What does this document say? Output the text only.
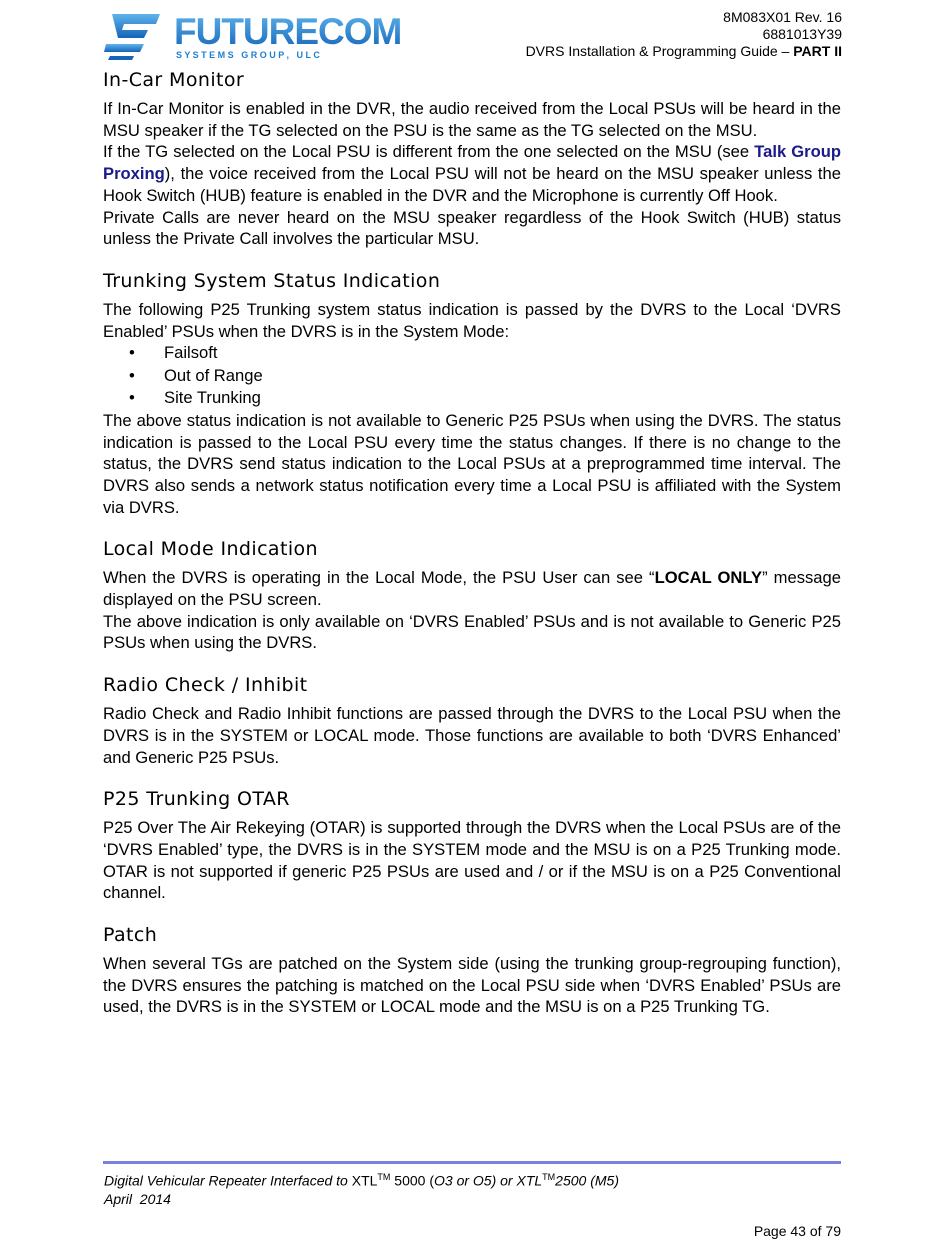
FUTURECOM
S Y S T E M S   G R O U P ,   U L C
8M083X01 Rev. 16
6881013Y39
DVRS Installation & Programming Guide – PART II
In-Car Monitor

If In-Car Monitor is enabled in the DVR, the audio received from the Local PSUs will be heard in the MSU speaker if the TG selected on the PSU is the same as the TG selected on the MSU.

If the TG selected on the Local PSU is different from the one selected on the MSU (see Talk Group Proxing), the voice received from the Local PSU will not be heard on the MSU speaker unless the Hook Switch (HUB) feature is enabled in the DVR and the Microphone is currently Off Hook.

Private Calls are never heard on the MSU speaker regardless of the Hook Switch (HUB) status unless the Private Call involves the particular MSU.

Trunking System Status Indication

The following P25 Trunking system status indication is passed by the DVRS to the Local ‘DVRS Enabled’ PSUs when the DVRS is in the System Mode:

• Failsoft
• Out of Range
• Site Trunking

The above status indication is not available to Generic P25 PSUs when using the DVRS. The status indication is passed to the Local PSU every time the status changes. If there is no change to the status, the DVRS send status indication to the Local PSUs at a preprogrammed time interval. The DVRS also sends a network status notification every time a Local PSU is affiliated with the System via DVRS.

Local Mode Indication

When the DVRS is operating in the Local Mode, the PSU User can see “LOCAL ONLY” message displayed on the PSU screen.

The above indication is only available on ‘DVRS Enabled’ PSUs and is not available to Generic P25 PSUs when using the DVRS.

Radio Check / Inhibit

Radio Check and Radio Inhibit functions are passed through the DVRS to the Local PSU when the DVRS is in the SYSTEM or LOCAL mode. Those functions are available to both ‘DVRS Enhanced’ and Generic P25 PSUs.

P25 Trunking OTAR

P25 Over The Air Rekeying (OTAR) is supported through the DVRS when the Local PSUs are of the ‘DVRS Enabled’ type, the DVRS is in the SYSTEM mode and the MSU is on a P25 Trunking mode. OTAR is not supported if generic P25 PSUs are used and / or if the MSU is on a P25 Conventional channel.

Patch

When several TGs are patched on the System side (using the trunking group-regrouping function), the DVRS ensures the patching is matched on the Local PSU side when ‘DVRS Enabled’ PSUs are used, the DVRS is in the SYSTEM or LOCAL mode and the MSU is on a P25 Trunking TG.

Digital Vehicular Repeater Interfaced to XTL™ 5000 (O3 or O5) or XTL™2500 (M5)
April  2014
Page 43 of 79
